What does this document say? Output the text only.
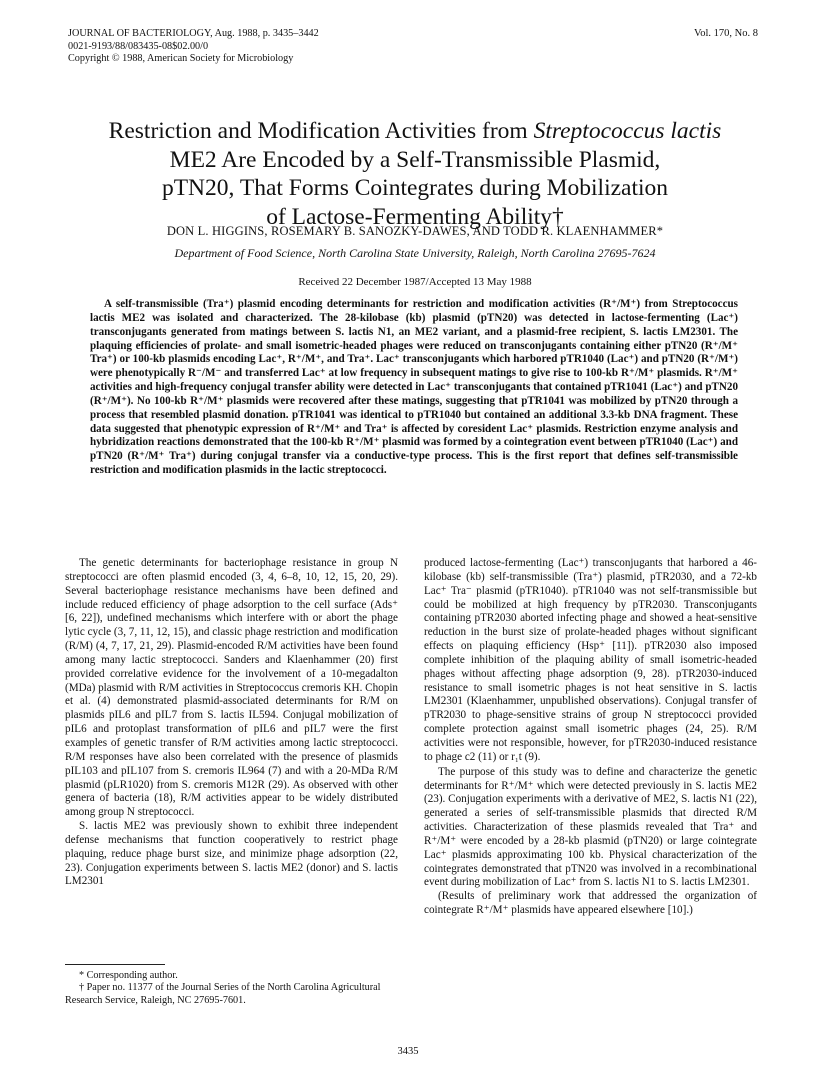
JOURNAL OF BACTERIOLOGY, Aug. 1988, p. 3435–3442
0021-9193/88/083435-08$02.00/0
Copyright © 1988, American Society for Microbiology
Vol. 170, No. 8
Restriction and Modification Activities from Streptococcus lactis
ME2 Are Encoded by a Self-Transmissible Plasmid,
pTN20, That Forms Cointegrates during Mobilization
of Lactose-Fermenting Ability†
DON L. HIGGINS, ROSEMARY B. SANOZKY-DAWES, AND TODD R. KLAENHAMMER*
Department of Food Science, North Carolina State University, Raleigh, North Carolina 27695-7624
Received 22 December 1987/Accepted 13 May 1988

A self-transmissible (Tra⁺) plasmid encoding determinants for restriction and modification activities (R⁺/M⁺) from Streptococcus lactis ME2 was isolated and characterized. The 28-kilobase (kb) plasmid (pTN20) was detected in lactose-fermenting (Lac⁺) transconjugants generated from matings between S. lactis N1, an ME2 variant, and a plasmid-free recipient, S. lactis LM2301. The plaquing efficiencies of prolate- and small isometric-headed phages were reduced on transconjugants containing either pTN20 (R⁺/M⁺ Tra⁺) or 100-kb plasmids encoding Lac⁺, R⁺/M⁺, and Tra⁺. Lac⁺ transconjugants which harbored pTR1040 (Lac⁺) and pTN20 (R⁺/M⁺) were phenotypically R⁻/M⁻ and transferred Lac⁺ at low frequency in subsequent matings to give rise to 100-kb R⁺/M⁺ plasmids. R⁺/M⁺ activities and high-frequency conjugal transfer ability were detected in Lac⁺ transconjugants that contained pTR1041 (Lac⁺) and pTN20 (R⁺/M⁺). No 100-kb R⁺/M⁺ plasmids were recovered after these matings, suggesting that pTR1041 was mobilized by pTN20 through a process that resembled plasmid donation. pTR1041 was identical to pTR1040 but contained an additional 3.3-kb DNA fragment. These data suggested that phenotypic expression of R⁺/M⁺ and Tra⁺ is affected by coresident Lac⁺ plasmids. Restriction enzyme analysis and hybridization reactions demonstrated that the 100-kb R⁺/M⁺ plasmid was formed by a cointegration event between pTR1040 (Lac⁺) and pTN20 (R⁺/M⁺ Tra⁺) during conjugal transfer via a conductive-type process. This is the first report that defines self-transmissible restriction and modification plasmids in the lactic streptococci.

The genetic determinants for bacteriophage resistance in group N streptococci are often plasmid encoded (3, 4, 6–8, 10, 12, 15, 20, 29). Several bacteriophage resistance mechanisms have been defined and include reduced efficiency of phage adsorption to the cell surface (Ads⁺ [6, 22]), undefined mechanisms which interfere with or abort the phage lytic cycle (3, 7, 11, 12, 15), and classic phage restriction and modification (R/M) (4, 7, 17, 21, 29). Plasmid-encoded R/M activities have been found among many lactic streptococci. Sanders and Klaenhammer (20) first provided correlative evidence for the involvement of a 10-megadalton (MDa) plasmid with R/M activities in Streptococcus cremoris KH. Chopin et al. (4) demonstrated plasmid-associated determinants for R/M on plasmids pIL6 and pIL7 from S. lactis IL594. Conjugal mobilization of pIL6 and protoplast transformation of pIL6 and pIL7 were the first examples of genetic transfer of R/M activities among lactic streptococci. R/M responses have also been correlated with the presence of plasmids pIL103 and pIL107 from S. cremoris IL964 (7) and with a 20-MDa R/M plasmid (pLR1020) from S. cremoris M12R (29). As observed with other genera of bacteria (18), R/M activities appear to be widely distributed among group N streptococci.

S. lactis ME2 was previously shown to exhibit three independent defense mechanisms that function cooperatively to restrict phage plaquing, reduce phage burst size, and minimize phage adsorption (22, 23). Conjugation experiments between S. lactis ME2 (donor) and S. lactis LM2301

produced lactose-fermenting (Lac⁺) transconjugants that harbored a 46-kilobase (kb) self-transmissible (Tra⁺) plasmid, pTR2030, and a 72-kb Lac⁺ Tra⁻ plasmid (pTR1040). pTR1040 was not self-transmissible but could be mobilized at high frequency by pTR2030. Transconjugants containing pTR2030 aborted infecting phage and showed a heat-sensitive reduction in the burst size of prolate-headed phages without significant effects on plaquing efficiency (Hsp⁺ [11]). pTR2030 also imposed complete inhibition of the plaquing ability of small isometric-headed phages without affecting phage adsorption (9, 28). pTR2030-induced resistance to small isometric phages is not heat sensitive in S. lactis LM2301 (Klaenhammer, unpublished observations). Conjugal transfer of pTR2030 to phage-sensitive strains of group N streptococci provided complete protection against small isometric phages (24, 25). R/M activities were not responsible, however, for pTR2030-induced resistance to phage c2 (11) or r₁t (9).

The purpose of this study was to define and characterize the genetic determinants for R⁺/M⁺ which were detected previously in S. lactis ME2 (23). Conjugation experiments with a derivative of ME2, S. lactis N1 (22), generated a series of self-transmissible plasmids that directed R/M activities. Characterization of these plasmids revealed that Tra⁺ and R⁺/M⁺ were encoded by a 28-kb plasmid (pTN20) or large cointegrate Lac⁺ plasmids approximating 100 kb. Physical characterization of the cointegrates demonstrated that pTN20 was involved in a recombinational event during mobilization of Lac⁺ from S. lactis N1 to S. lactis LM2301.

(Results of preliminary work that addressed the organization of cointegrate R⁺/M⁺ plasmids have appeared elsewhere [10].)

* Corresponding author.
† Paper no. 11377 of the Journal Series of the North Carolina Agricultural Research Service, Raleigh, NC 27695-7601.
3435
